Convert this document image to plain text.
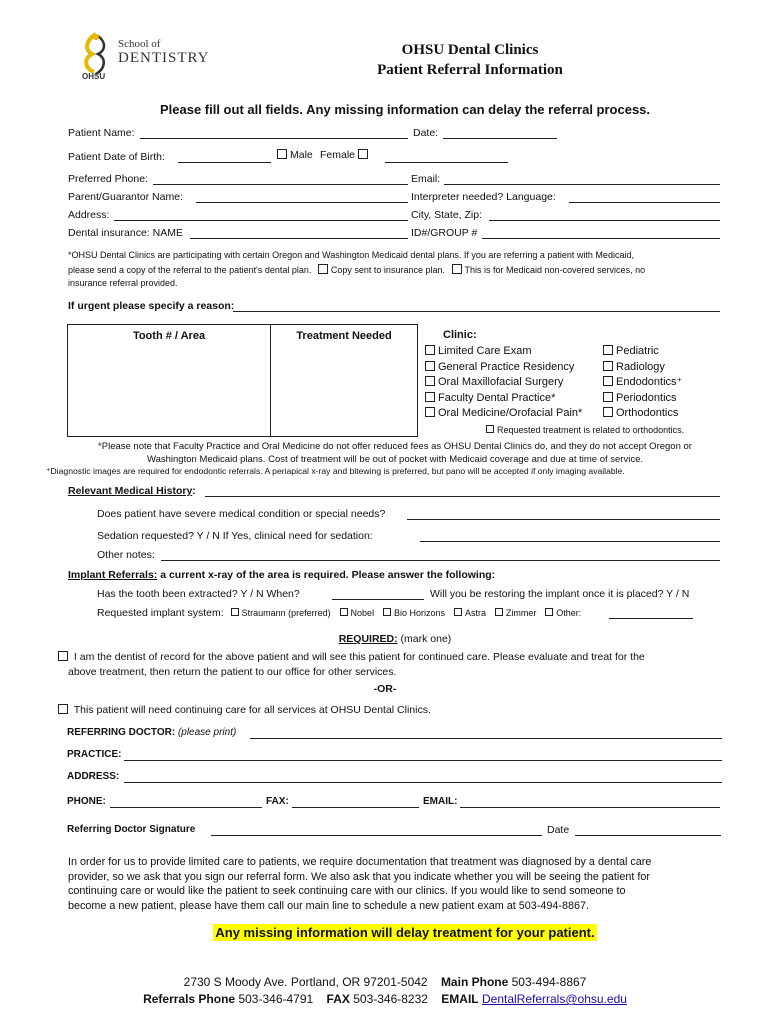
School of
DENTISTRY
OHSU
OHSU Dental Clinics
Patient Referral Information
Please fill out all fields. Any missing information can delay the referral process.
Patient Name:	Date:
Patient Date of Birth:	Male Female
Preferred Phone:	Email:
Parent/Guarantor Name:	Interpreter needed? Language:
Address:	City, State, Zip:
Dental insurance: NAME	ID#/GROUP #
*OHSU Dental Clinics are participating with certain Oregon and Washington Medicaid dental plans. If you are referring a patient with Medicaid,
please send a copy of the referral to the patient's dental plan. Copy sent to insurance plan. This is for Medicaid non-covered services, no
insurance referral provided.
If urgent please specify a reason:
Tooth # / Area	Treatment Needed
		Clinic:
Limited Care Exam
General Practice Residency
Oral Maxillofacial Surgery
Faculty Dental Practice*
Oral Medicine/Orofacial Pain*
Pediatric
Radiology
Endodontics⁺
Periodontics
Orthodontics
Requested treatment is related to orthodontics.
*Please note that Faculty Practice and Oral Medicine do not offer reduced fees as OHSU Dental Clinics do, and they do not accept Oregon or
Washington Medicaid plans. Cost of treatment will be out of pocket with Medicaid coverage and due at time of service.
⁺Diagnostic images are required for endodontic referrals. A periapical x-ray and bitewing is preferred, but pano will be accepted if only imaging available.
Relevant Medical History:
Does patient have severe medical condition or special needs?
Sedation requested? Y / N If Yes, clinical need for sedation:
Other notes:
Implant Referrals: a current x-ray of the area is required. Please answer the following:
Has the tooth been extracted? Y / N When?	Will you be restoring the implant once it is placed? Y / N
Requested implant system: Straumann (preferred) Nobel Bio Horizons Astra Zimmer Other:
REQUIRED: (mark one)
I am the dentist of record for the above patient and will see this patient for continued care. Please evaluate and treat for the
above treatment, then return the patient to our office for other services.
-OR-
This patient will need continuing care for all services at OHSU Dental Clinics.
REFERRING DOCTOR: (please print)
PRACTICE:
ADDRESS:
PHONE:	FAX:	EMAIL:
Referring Doctor Signature	Date
In order for us to provide limited care to patients, we require documentation that treatment was diagnosed by a dental care
provider, so we ask that you sign our referral form. We also ask that you indicate whether you will be seeing the patient for
continuing care or would like the patient to seek continuing care with our clinics. If you would like to send someone to
become a new patient, please have them call our main line to schedule a new patient exam at 503-494-8867.
Any missing information will delay treatment for your patient.
2730 S Moody Ave. Portland, OR 97201-5042 Main Phone 503-494-8867
Referrals Phone 503-346-4791 FAX 503-346-8232 EMAIL DentalReferrals@ohsu.edu
